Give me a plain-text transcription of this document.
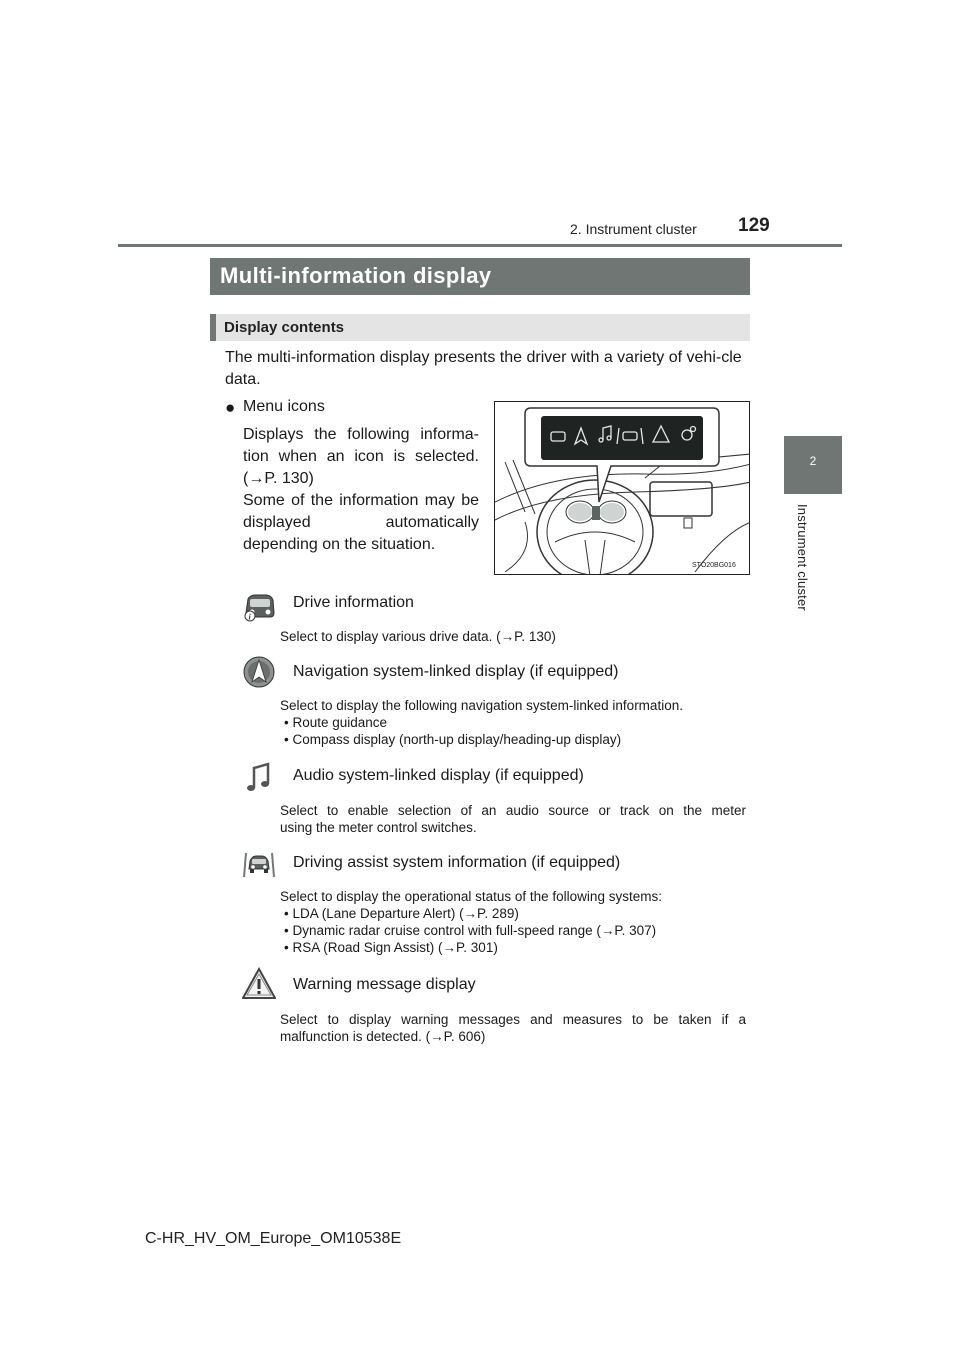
2. Instrument cluster 129
2
Instrument cluster
Multi-information display
Display contents
The multi-information display presents the driver with a variety of vehi-cle data.
● Menu icons

Displays the following informa-tion when an icon is selected. (→P. 130)

Some of the information may be displayed automatically depending on the situation.

STO20BG016
i
Drive information
Select to display various drive data. (→P. 130)
Navigation system-linked display (if equipped)
Select to display the following navigation system-linked information.
• Route guidance
• Compass display (north-up display/heading-up display)
Audio system-linked display (if equipped)
Select to enable selection of an audio source or track on the meter
using the meter control switches.
Driving assist system information (if equipped)
Select to display the operational status of the following systems:
• LDA (Lane Departure Alert) (→P. 289)
• Dynamic radar cruise control with full-speed range (→P. 307)
• RSA (Road Sign Assist) (→P. 301)
Warning message display
Select to display warning messages and measures to be taken if a
malfunction is detected. (→P. 606)
C-HR_HV_OM_Europe_OM10538E
